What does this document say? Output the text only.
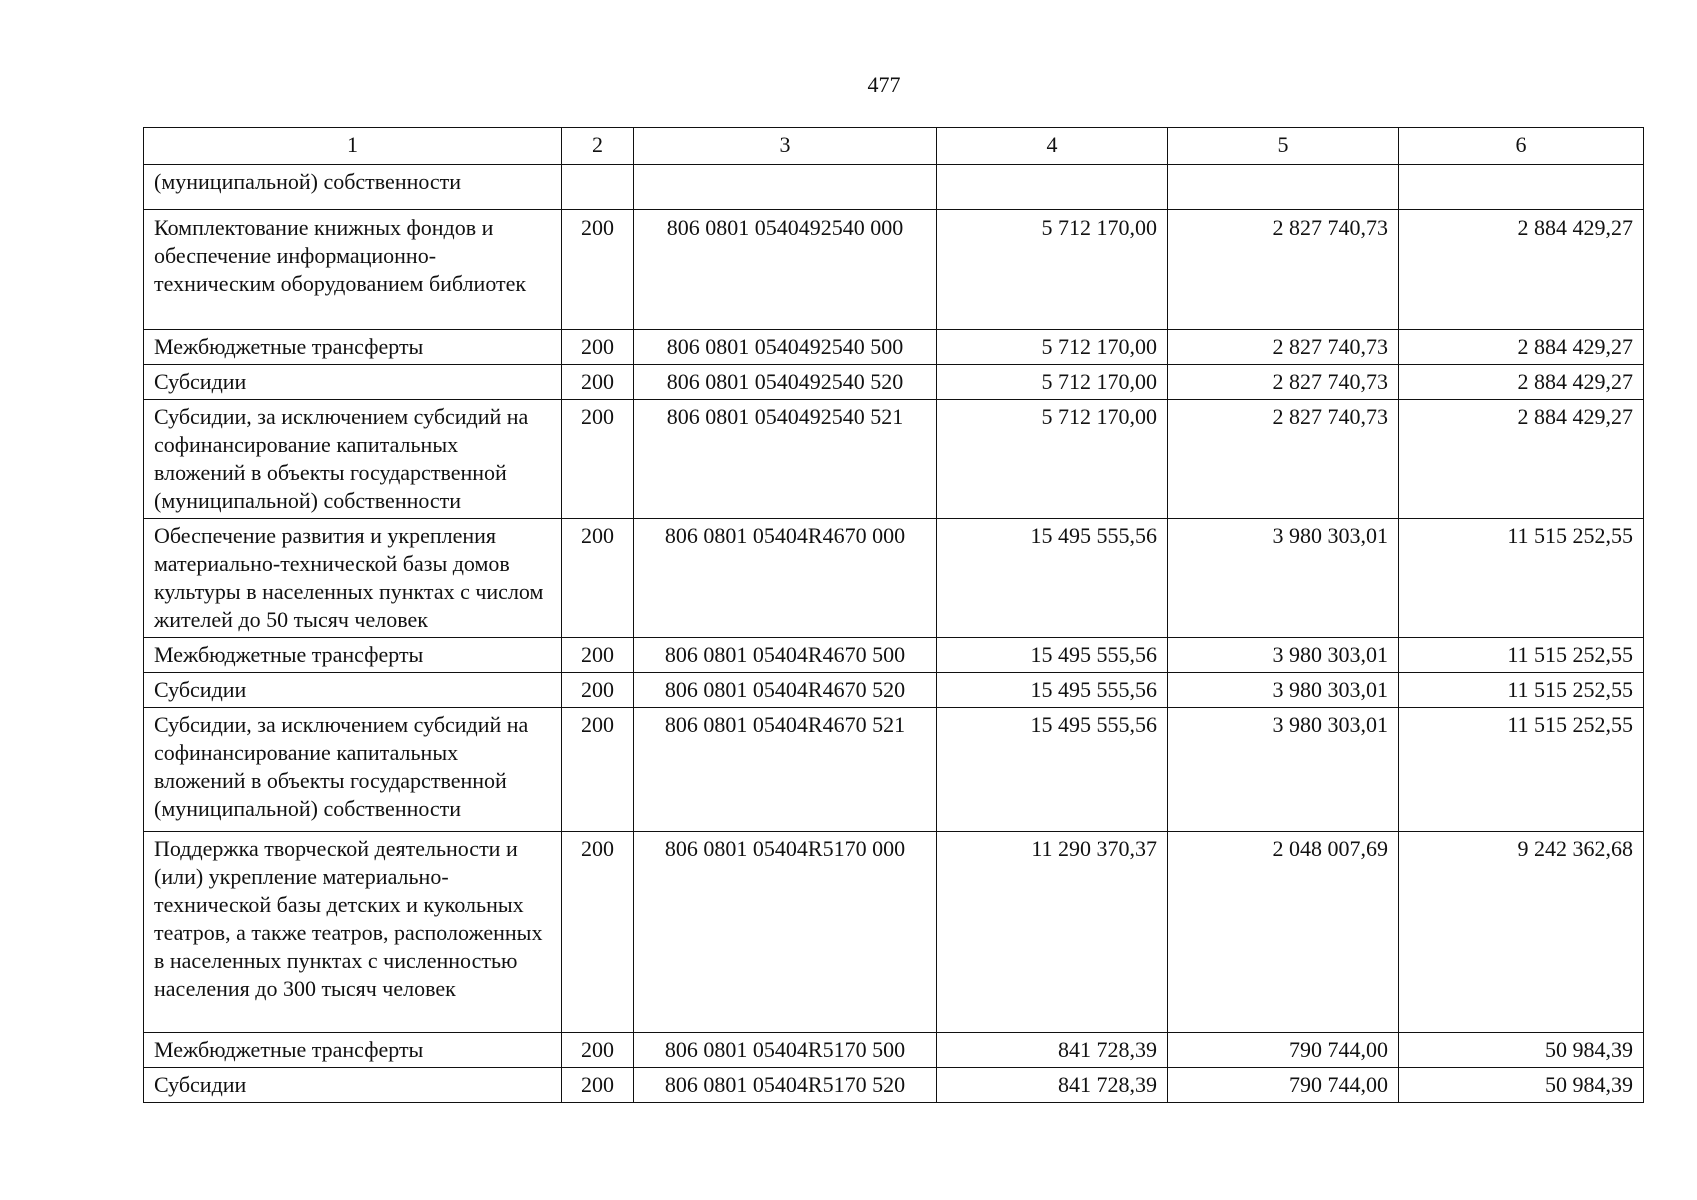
477
1	2	3	4	5	6
(муниципальной) собственности					
Комплектование книжных фондов и обеспечение информационно-техническим оборудованием библиотек	200	806 0801 0540492540 000	5 712 170,00	2 827 740,73	2 884 429,27
Межбюджетные трансферты	200	806 0801 0540492540 500	5 712 170,00	2 827 740,73	2 884 429,27
Субсидии	200	806 0801 0540492540 520	5 712 170,00	2 827 740,73	2 884 429,27
Субсидии, за исключением субсидий на софинансирование капитальных вложений в объекты государственной (муниципальной) собственности	200	806 0801 0540492540 521	5 712 170,00	2 827 740,73	2 884 429,27
Обеспечение развития и укрепления материально-технической базы домов культуры в населенных пунктах с числом жителей до 50 тысяч человек	200	806 0801 05404R4670 000	15 495 555,56	3 980 303,01	11 515 252,55
Межбюджетные трансферты	200	806 0801 05404R4670 500	15 495 555,56	3 980 303,01	11 515 252,55
Субсидии	200	806 0801 05404R4670 520	15 495 555,56	3 980 303,01	11 515 252,55
Субсидии, за исключением субсидий на софинансирование капитальных вложений в объекты государственной (муниципальной) собственности	200	806 0801 05404R4670 521	15 495 555,56	3 980 303,01	11 515 252,55
Поддержка творческой деятельности и (или) укрепление материально-технической базы детских и кукольных театров, а также театров, расположенных в населенных пунктах с численностью населения до 300 тысяч человек	200	806 0801 05404R5170 000	11 290 370,37	2 048 007,69	9 242 362,68
Межбюджетные трансферты	200	806 0801 05404R5170 500	841 728,39	790 744,00	50 984,39
Субсидии	200	806 0801 05404R5170 520	841 728,39	790 744,00	50 984,39
